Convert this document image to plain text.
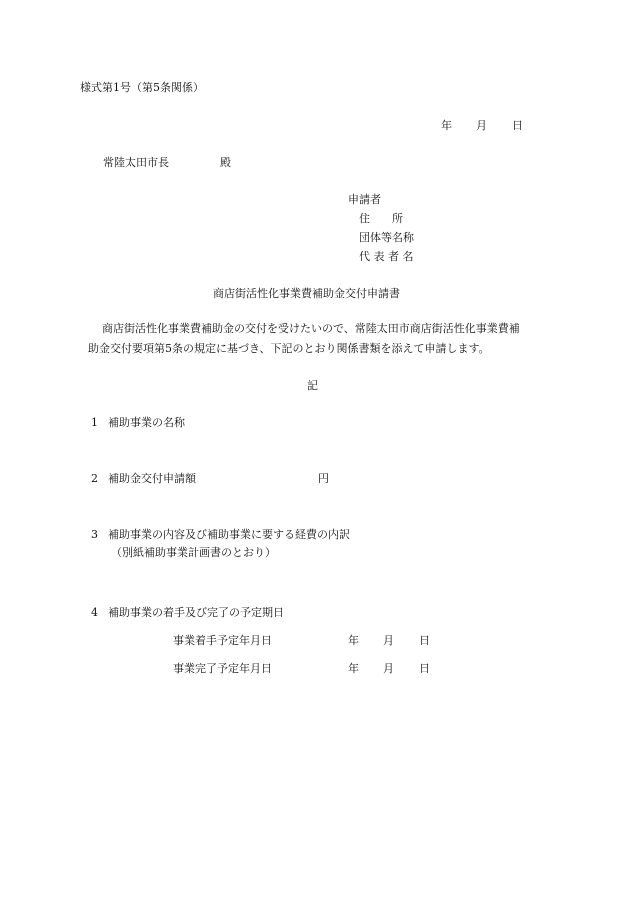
様式第1号（第5条関係）
年 月 日
常陸太田市長	殿
申請者
住　　所
団体等名称
代 表 者 名
商店街活性化事業費補助金交付申請書
商店街活性化事業費補助金の交付を受けたいので、常陸太田市商店街活性化事業費補
助金交付要項第5条の規定に基づき、下記のとおり関係書類を添えて申請します。
記
1 補助事業の名称
2 補助金交付申請額	円
3 補助事業の内容及び補助事業に要する経費の内訳
（別紙補助事業計画書のとおり）
4 補助事業の着手及び完了の予定期日
事業着手予定年月日	年 月 日
事業完了予定年月日	年 月 日
